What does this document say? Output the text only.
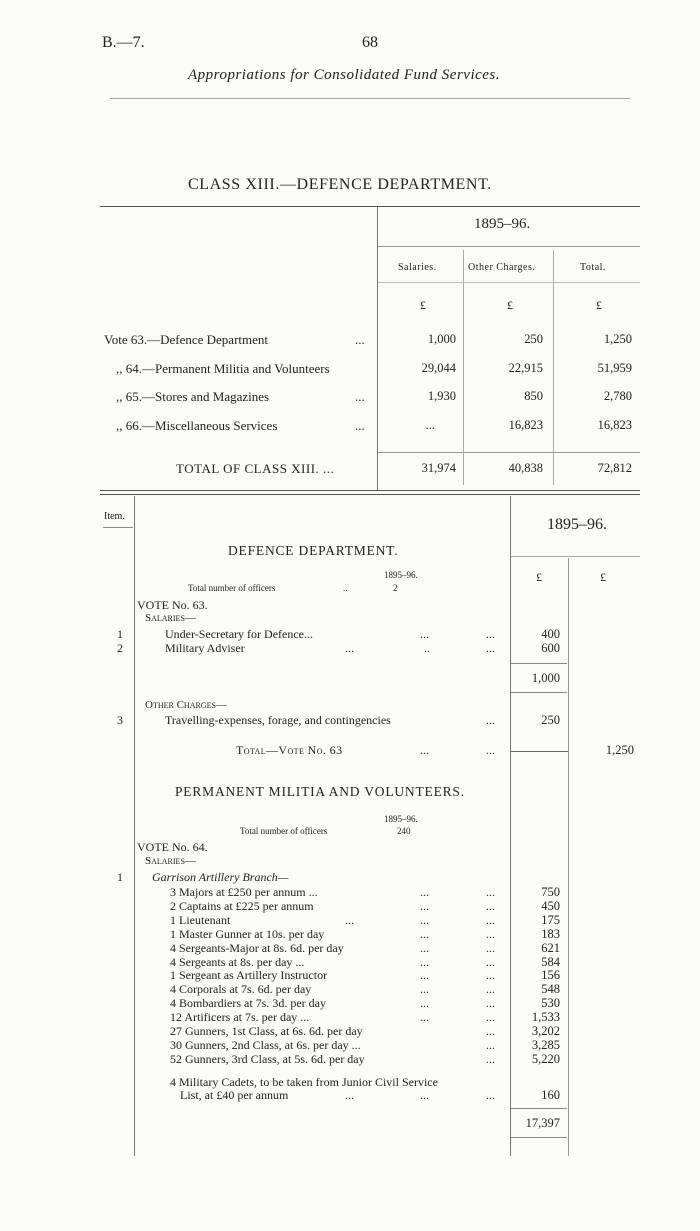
B.—7.	68
Appropriations for Consolidated Fund Services.
CLASS XIII.—DEFENCE DEPARTMENT.
1895–96.
Salaries.	Other Charges.	Total.
£	£	£
Vote 63.—Defence Department	...	1,000	250	1,250
,, 64.—Permanent Militia and Volunteers	29,044	22,915	51,959
,, 65.—Stores and Magazines	...	1,930	850	2,780
,, 66.—Miscellaneous Services	...	...	16,823	16,823
TOTAL OF CLASS XIII. ...	31,974	40,838	72,812
Item.	1895–96.
£	£
DEFENCE DEPARTMENT.
1895–96.
Total number of officers	..	2
VOTE No. 63.
Salaries—
1	Under-Secretary for Defence...	...	...	400
2	Military Adviser	...	..	...	600
1,000
Other Charges—
3	Travelling-expenses, forage, and contingencies	...	250
Total—Vote No. 63	...	...	1,250
PERMANENT MILITIA AND VOLUNTEERS.
1895–96.
Total number of officers	240
VOTE No. 64.
Salaries—
1 Garrison Artillery Branch—
3 Majors at £250 per annum ...	...	...	750
2 Captains at £225 per annum	...	...	450
1 Lieutenant	...	...	...	175
1 Master Gunner at 10s. per day	...	...	183
4 Sergeants-Major at 8s. 6d. per day	...	...	621
4 Sergeants at 8s. per day ...	...	...	584
1 Sergeant as Artillery Instructor	...	...	156
4 Corporals at 7s. 6d. per day	...	...	548
4 Bombardiers at 7s. 3d. per day	...	...	530
12 Artificers at 7s. per day ...	...	...	1,533
27 Gunners, 1st Class, at 6s. 6d. per day	...	3,202
30 Gunners, 2nd Class, at 6s. per day ...	...	3,285
52 Gunners, 3rd Class, at 5s. 6d. per day	...	5,220
4 Military Cadets, to be taken from Junior Civil Service
List, at £40 per annum	...	...	...	160
17,397
